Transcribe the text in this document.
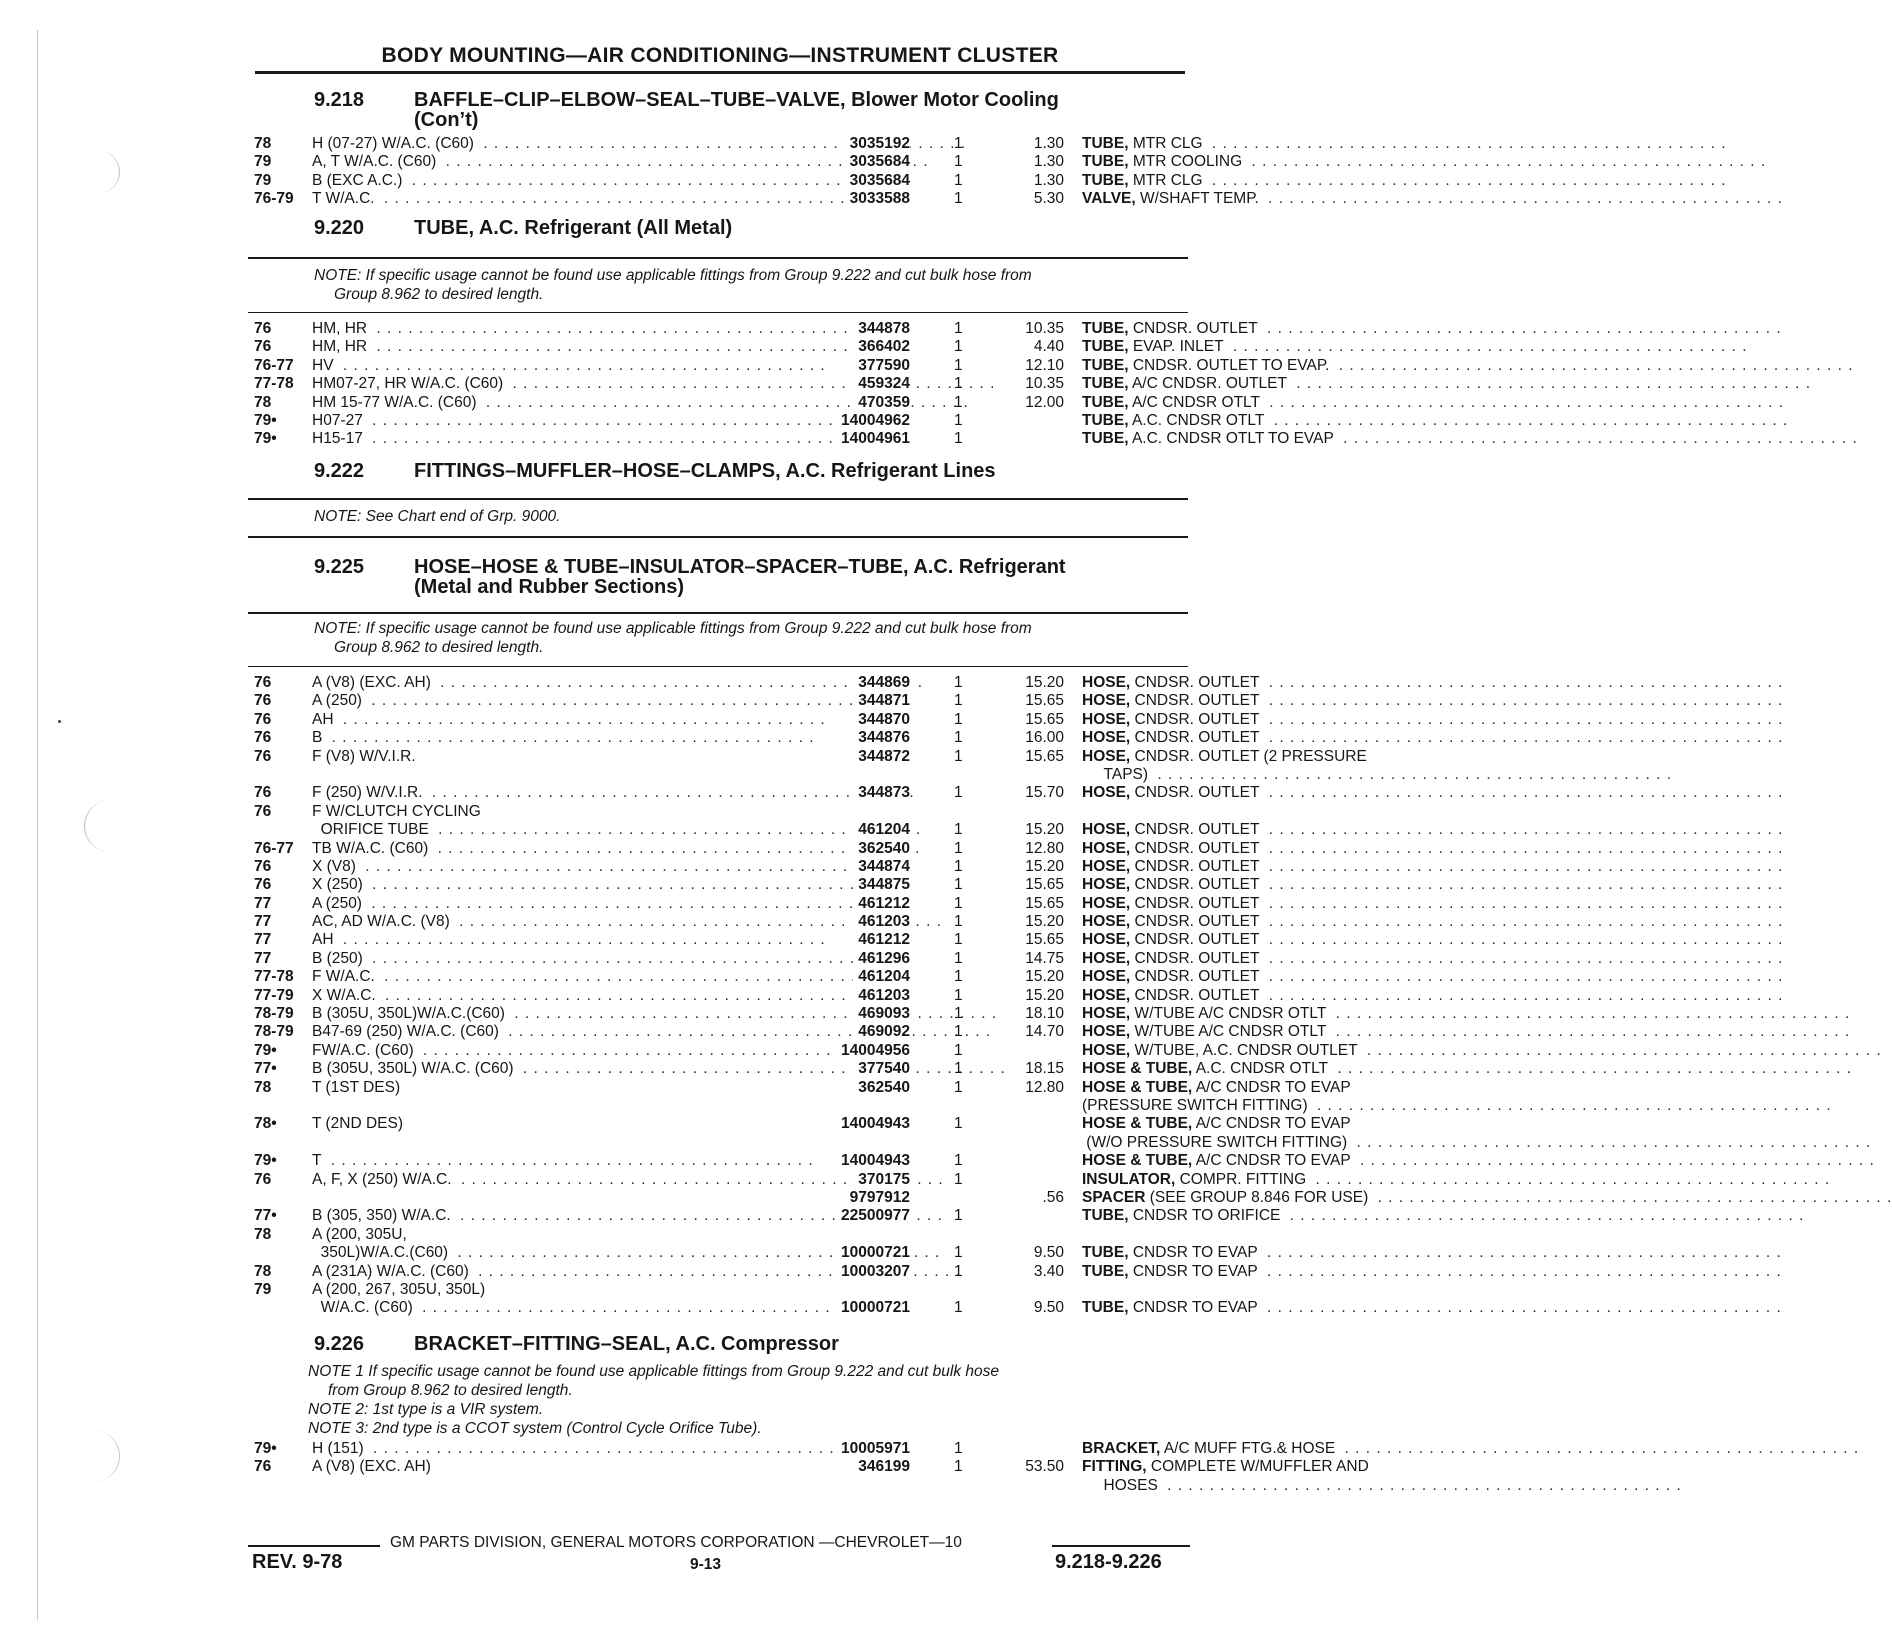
BODY MOUNTING—AIR CONDITIONING—INSTRUMENT CLUSTER
9.218 BAFFLE–CLIP–ELBOW–SEAL–TUBE–VALVE, Blower Motor Cooling
(Con’t)
78	H (07-27) W/A.C. (C60) . . .	3035192	1	1.30 TUBE, MTR CLG . . .
79	A, T W/A.C. (C60) . . .	3035684	1	1.30 TUBE, MTR COOLING . . .
79	B (EXC A.C.) . . .	3035684	1	1.30 TUBE, MTR CLG . . .
76-79	T W/A.C. . . .	3033588	1	5.30 VALVE, W/SHAFT TEMP. . . .
9.220 TUBE, A.C. Refrigerant (All Metal)
NOTE: If specific usage cannot be found use applicable fittings from Group 9.222 and cut bulk hose from
Group 8.962 to desired length.
76	HM, HR . . .	344878	1	10.35 TUBE, CNDSR. OUTLET . . .
76	HM, HR . . .	366402	1	4.40 TUBE, EVAP. INLET . . .
76-77	HV . . .	377590	1	12.10 TUBE, CNDSR. OUTLET TO EVAP. . . .
77-78	HM07-27, HR W/A.C. (C60) . . .	459324	1	10.35 TUBE, A/C CNDSR. OUTLET . . .
78	HM 15-77 W/A.C. (C60) . . .	470359	1	12.00 TUBE, A/C CNDSR OTLT . . .
79•	H07-27 . . .	14004962	1	TUBE, A.C. CNDSR OTLT . . .
79•	H15-17 . . .	14004961	1	TUBE, A.C. CNDSR OTLT TO EVAP . . .
9.222 FITTINGS–MUFFLER–HOSE–CLAMPS, A.C. Refrigerant Lines
NOTE: See Chart end of Grp. 9000.
9.225 HOSE–HOSE & TUBE–INSULATOR–SPACER–TUBE, A.C. Refrigerant
(Metal and Rubber Sections)
NOTE: If specific usage cannot be found use applicable fittings from Group 9.222 and cut bulk hose from
Group 8.962 to desired length.
76	A (V8) (EXC. AH) . . .	344869	1	15.20 HOSE, CNDSR. OUTLET . . .
76	A (250) . . .	344871	1	15.65 HOSE, CNDSR. OUTLET . . .
76	AH . . .	344870	1	15.65 HOSE, CNDSR. OUTLET . . .
76	B . . .	344876	1	16.00 HOSE, CNDSR. OUTLET . . .
76	F (V8) W/V.I.R.	344872	1	15.65 HOSE, CNDSR. OUTLET (2 PRESSURE
TAPS) . . .
76	F (250) W/V.I.R. . . .	344873	1	15.70 HOSE, CNDSR. OUTLET . . .
76	F W/CLUTCH CYCLING
ORIFICE TUBE . . .	461204	1	15.20 HOSE, CNDSR. OUTLET . . .
76-77	TB W/A.C. (C60) . . .	362540	1	12.80 HOSE, CNDSR. OUTLET . . .
76	X (V8) . . .	344874	1	15.20 HOSE, CNDSR. OUTLET . . .
76	X (250) . . .	344875	1	15.65 HOSE, CNDSR. OUTLET . . .
77	A (250) . . .	461212	1	15.65 HOSE, CNDSR. OUTLET . . .
77	AC, AD W/A.C. (V8) . . .	461203	1	15.20 HOSE, CNDSR. OUTLET . . .
77	AH . . .	461212	1	15.65 HOSE, CNDSR. OUTLET . . .
77	B (250) . . .	461296	1	14.75 HOSE, CNDSR. OUTLET . . .
77-78	F W/A.C. . . .	461204	1	15.20 HOSE, CNDSR. OUTLET . . .
77-79	X W/A.C. . . .	461203	1	15.20 HOSE, CNDSR. OUTLET . . .
78-79	B (305U, 350L)W/A.C.(C60) . . .	469093	1	18.10 HOSE, W/TUBE A/C CNDSR OTLT . . .
78-79	B47-69 (250) W/A.C. (C60) . . .	469092	1	14.70 HOSE, W/TUBE A/C CNDSR OTLT . . .
79•	FW/A.C. (C60) . . .	14004956	1	HOSE, W/TUBE, A.C. CNDSR OUTLET . . .
77•	B (305U, 350L) W/A.C. (C60) . . .	377540	1	18.15 HOSE & TUBE, A.C. CNDSR OTLT . . .
78	T (1ST DES)	362540	1	12.80 HOSE & TUBE, A/C CNDSR TO EVAP
(PRESSURE SWITCH FITTING) . . .
78•	T (2ND DES)	14004943	1	HOSE & TUBE, A/C CNDSR TO EVAP
(W/O PRESSURE SWITCH FITTING) . . .
79•	T . . .	14004943	1	HOSE & TUBE, A/C CNDSR TO EVAP . . .
76	A, F, X (250) W/A.C. . . .	370175	1	INSULATOR, COMPR. FITTING . . .
9797912	.56 SPACER (SEE GROUP 8.846 FOR USE) . . .
77•	B (305, 350) W/A.C. . . .	22500977	1	TUBE, CNDSR TO ORIFICE . . .
78	A (200, 305U,
350L)W/A.C.(C60) . . .	10000721	1	9.50 TUBE, CNDSR TO EVAP . . .
78	A (231A) W/A.C. (C60) . . .	10003207	1	3.40 TUBE, CNDSR TO EVAP . . .
79	A (200, 267, 305U, 350L)
W/A.C. (C60) . . .	10000721	1	9.50 TUBE, CNDSR TO EVAP . . .
9.226 BRACKET–FITTING–SEAL, A.C. Compressor
NOTE 1 If specific usage cannot be found use applicable fittings from Group 9.222 and cut bulk hose
from Group 8.962 to desired length.
NOTE 2: 1st type is a VIR system.
NOTE 3: 2nd type is a CCOT system (Control Cycle Orifice Tube).
79•	H (151) . . .	10005971	1	BRACKET, A/C MUFF FTG.& HOSE . . .
76	A (V8) (EXC. AH)	346199	1	53.50 FITTING, COMPLETE W/MUFFLER AND
HOSES . . .
GM PARTS DIVISION, GENERAL MOTORS CORPORATION —CHEVROLET—10
REV. 9-78	9-13	9.218-9.226
